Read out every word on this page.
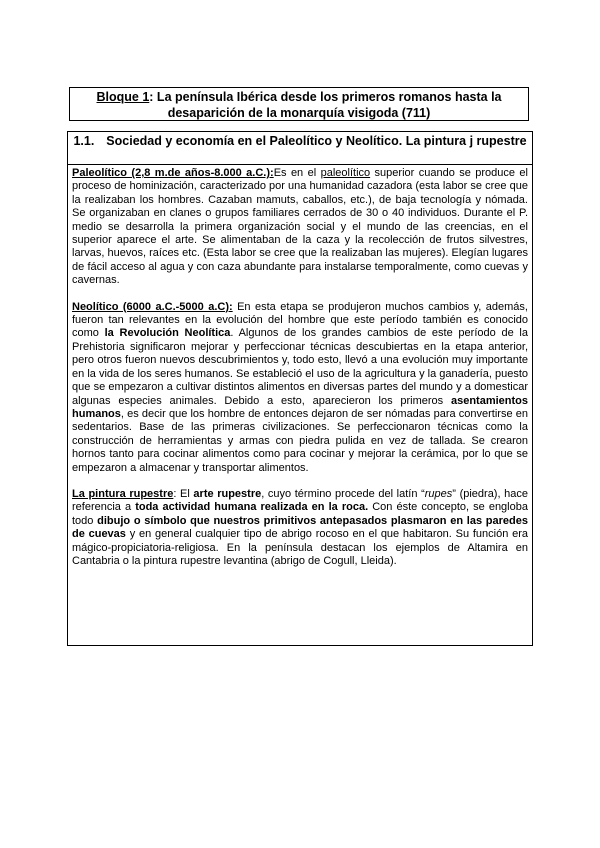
Bloque 1: La península Ibérica desde los primeros romanos hasta la desaparición de la monarquía visigoda (711)
1.1. Sociedad y economía en el Paleolítico y Neolítico. La pintura j rupestre

Paleolítico (2,8 m.de años-8.000 a.C.):Es en el paleolítico superior cuando se produce el proceso de hominización, caracterizado por una humanidad cazadora (esta labor se cree que la realizaban los hombres. Cazaban mamuts, caballos, etc.), de baja tecnología y nómada. Se organizaban en clanes o grupos familiares cerrados de 30 o 40 individuos. Durante el P. medio se desarrolla la primera organización social y el mundo de las creencias, en el superior aparece el arte. Se alimentaban de la caza y la recolección de frutos silvestres, larvas, huevos, raíces etc. (Esta labor se cree que la realizaban las mujeres). Elegían lugares de fácil acceso al agua y con caza abundante para instalarse temporalmente, como cuevas y cavernas.

Neolítico (6000 a.C.-5000 a.C): En esta etapa se produjeron muchos cambios y, además, fueron tan relevantes en la evolución del hombre que este período también es conocido como la Revolución Neolítica. Algunos de los grandes cambios de este período de la Prehistoria significaron mejorar y perfeccionar técnicas descubiertas en la etapa anterior, pero otros fueron nuevos descubrimientos y, todo esto, llevó a una evolución muy importante en la vida de los seres humanos. Se estableció el uso de la agricultura y la ganadería, puesto que se empezaron a cultivar distintos alimentos en diversas partes del mundo y a domesticar algunas especies animales. Debido a esto, aparecieron los primeros asentamientos humanos, es decir que los hombre de entonces dejaron de ser nómadas para convertirse en sedentarios. Base de las primeras civilizaciones. Se perfeccionaron técnicas como la construcción de herramientas y armas con piedra pulida en vez de tallada. Se crearon hornos tanto para cocinar alimentos como para cocinar y mejorar la cerámica, por lo que se empezaron a almacenar y transportar alimentos.

La pintura rupestre: El arte rupestre, cuyo término procede del latín “rupes” (piedra), hace referencia a toda actividad humana realizada en la roca. Con éste concepto, se engloba todo dibujo o símbolo que nuestros primitivos antepasados plasmaron en las paredes de cuevas y en general cualquier tipo de abrigo rocoso en el que habitaron. Su función era mágico-propiciatoria-religiosa. En la península destacan los ejemplos de Altamira en Cantabria o la pintura rupestre levantina (abrigo de Cogull, Lleida).
